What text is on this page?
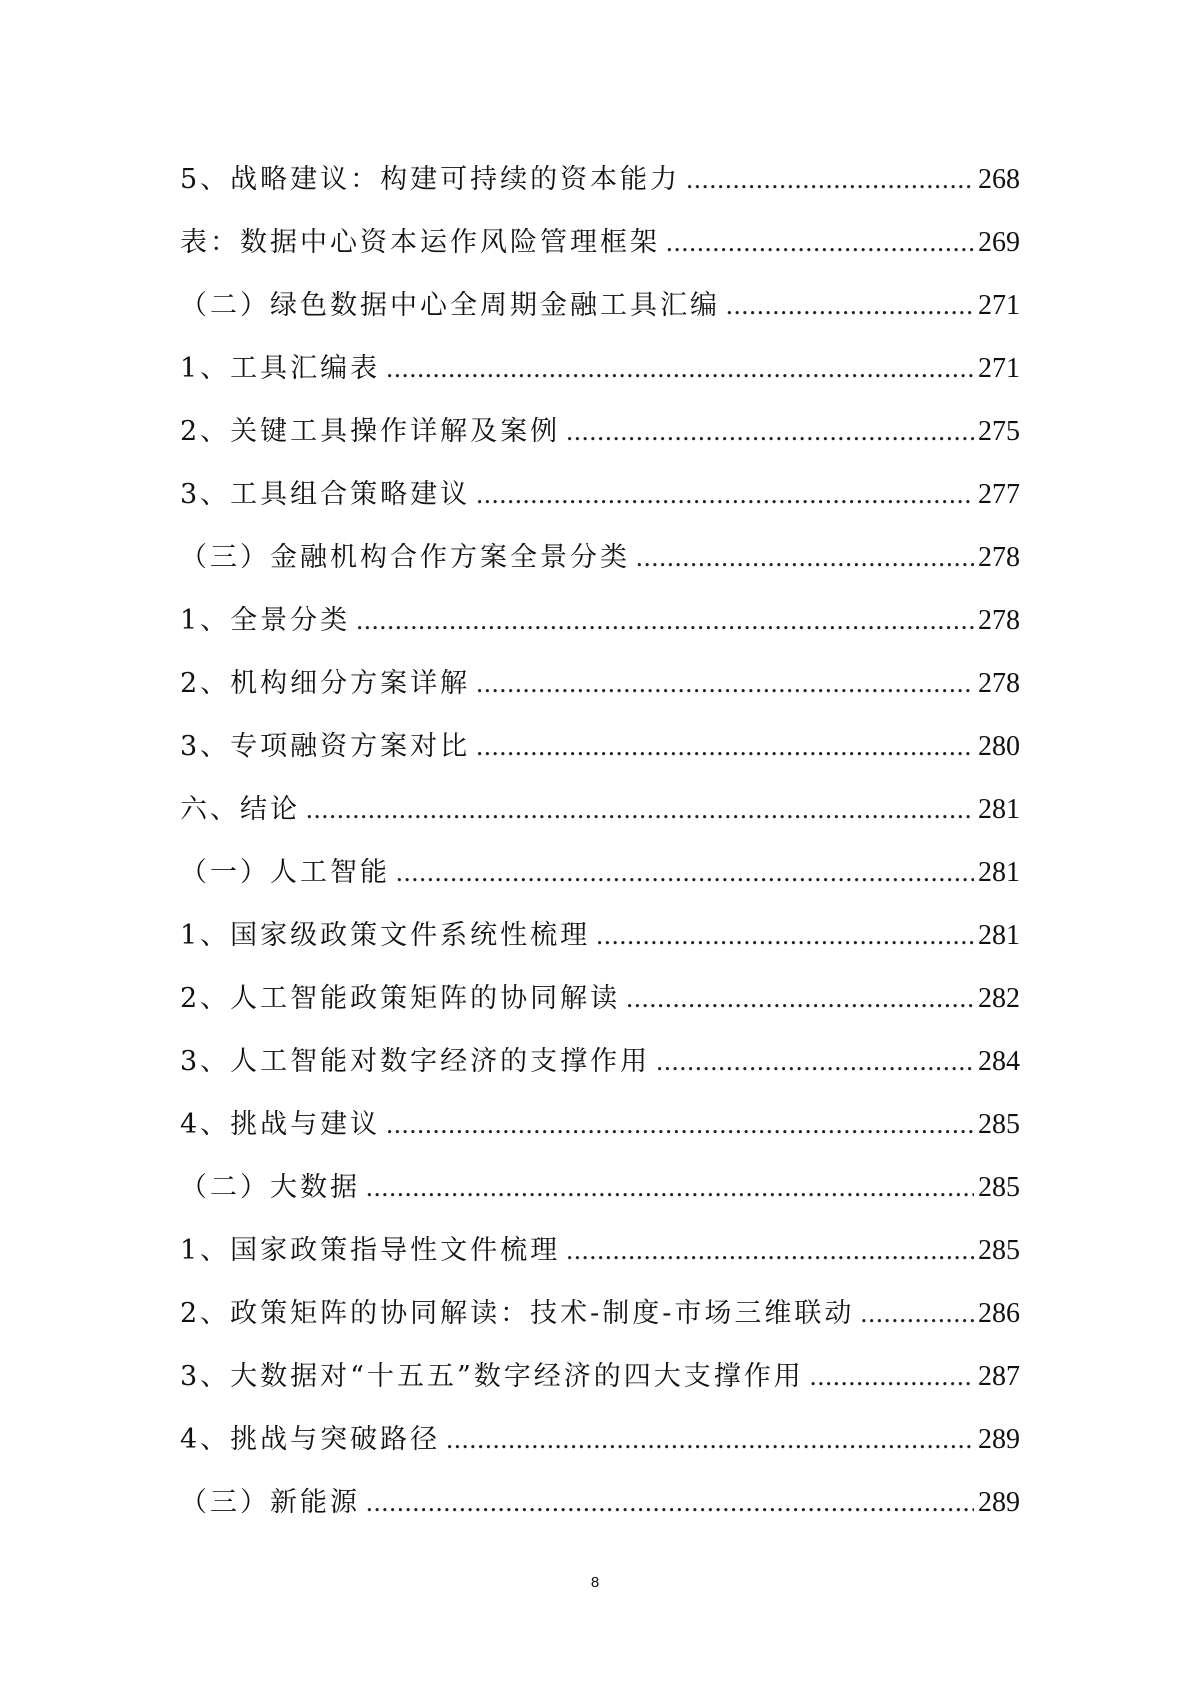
5、战略建议：构建可持续的资本能力 .....	268
表：数据中心资本运作风险管理框架 .....	269
（二）绿色数据中心全周期金融工具汇编 .....	271
1、工具汇编表 .....	271
2、关键工具操作详解及案例 .....	275
3、工具组合策略建议 .....	277
（三）金融机构合作方案全景分类 .....	278
1、全景分类 .....	278
2、机构细分方案详解 .....	278
3、专项融资方案对比 .....	280
六、结论 .....	281
（一）人工智能 .....	281
1、国家级政策文件系统性梳理 .....	281
2、人工智能政策矩阵的协同解读 .....	282
3、人工智能对数字经济的支撑作用 .....	284
4、挑战与建议 .....	285
（二）大数据 .....	285
1、国家政策指导性文件梳理 .....	285
2、政策矩阵的协同解读：技术-制度-市场三维联动 .....	286
3、大数据对“十五五”数字经济的四大支撑作用 .....	287
4、挑战与突破路径 .....	289
（三）新能源 .....	289
8
